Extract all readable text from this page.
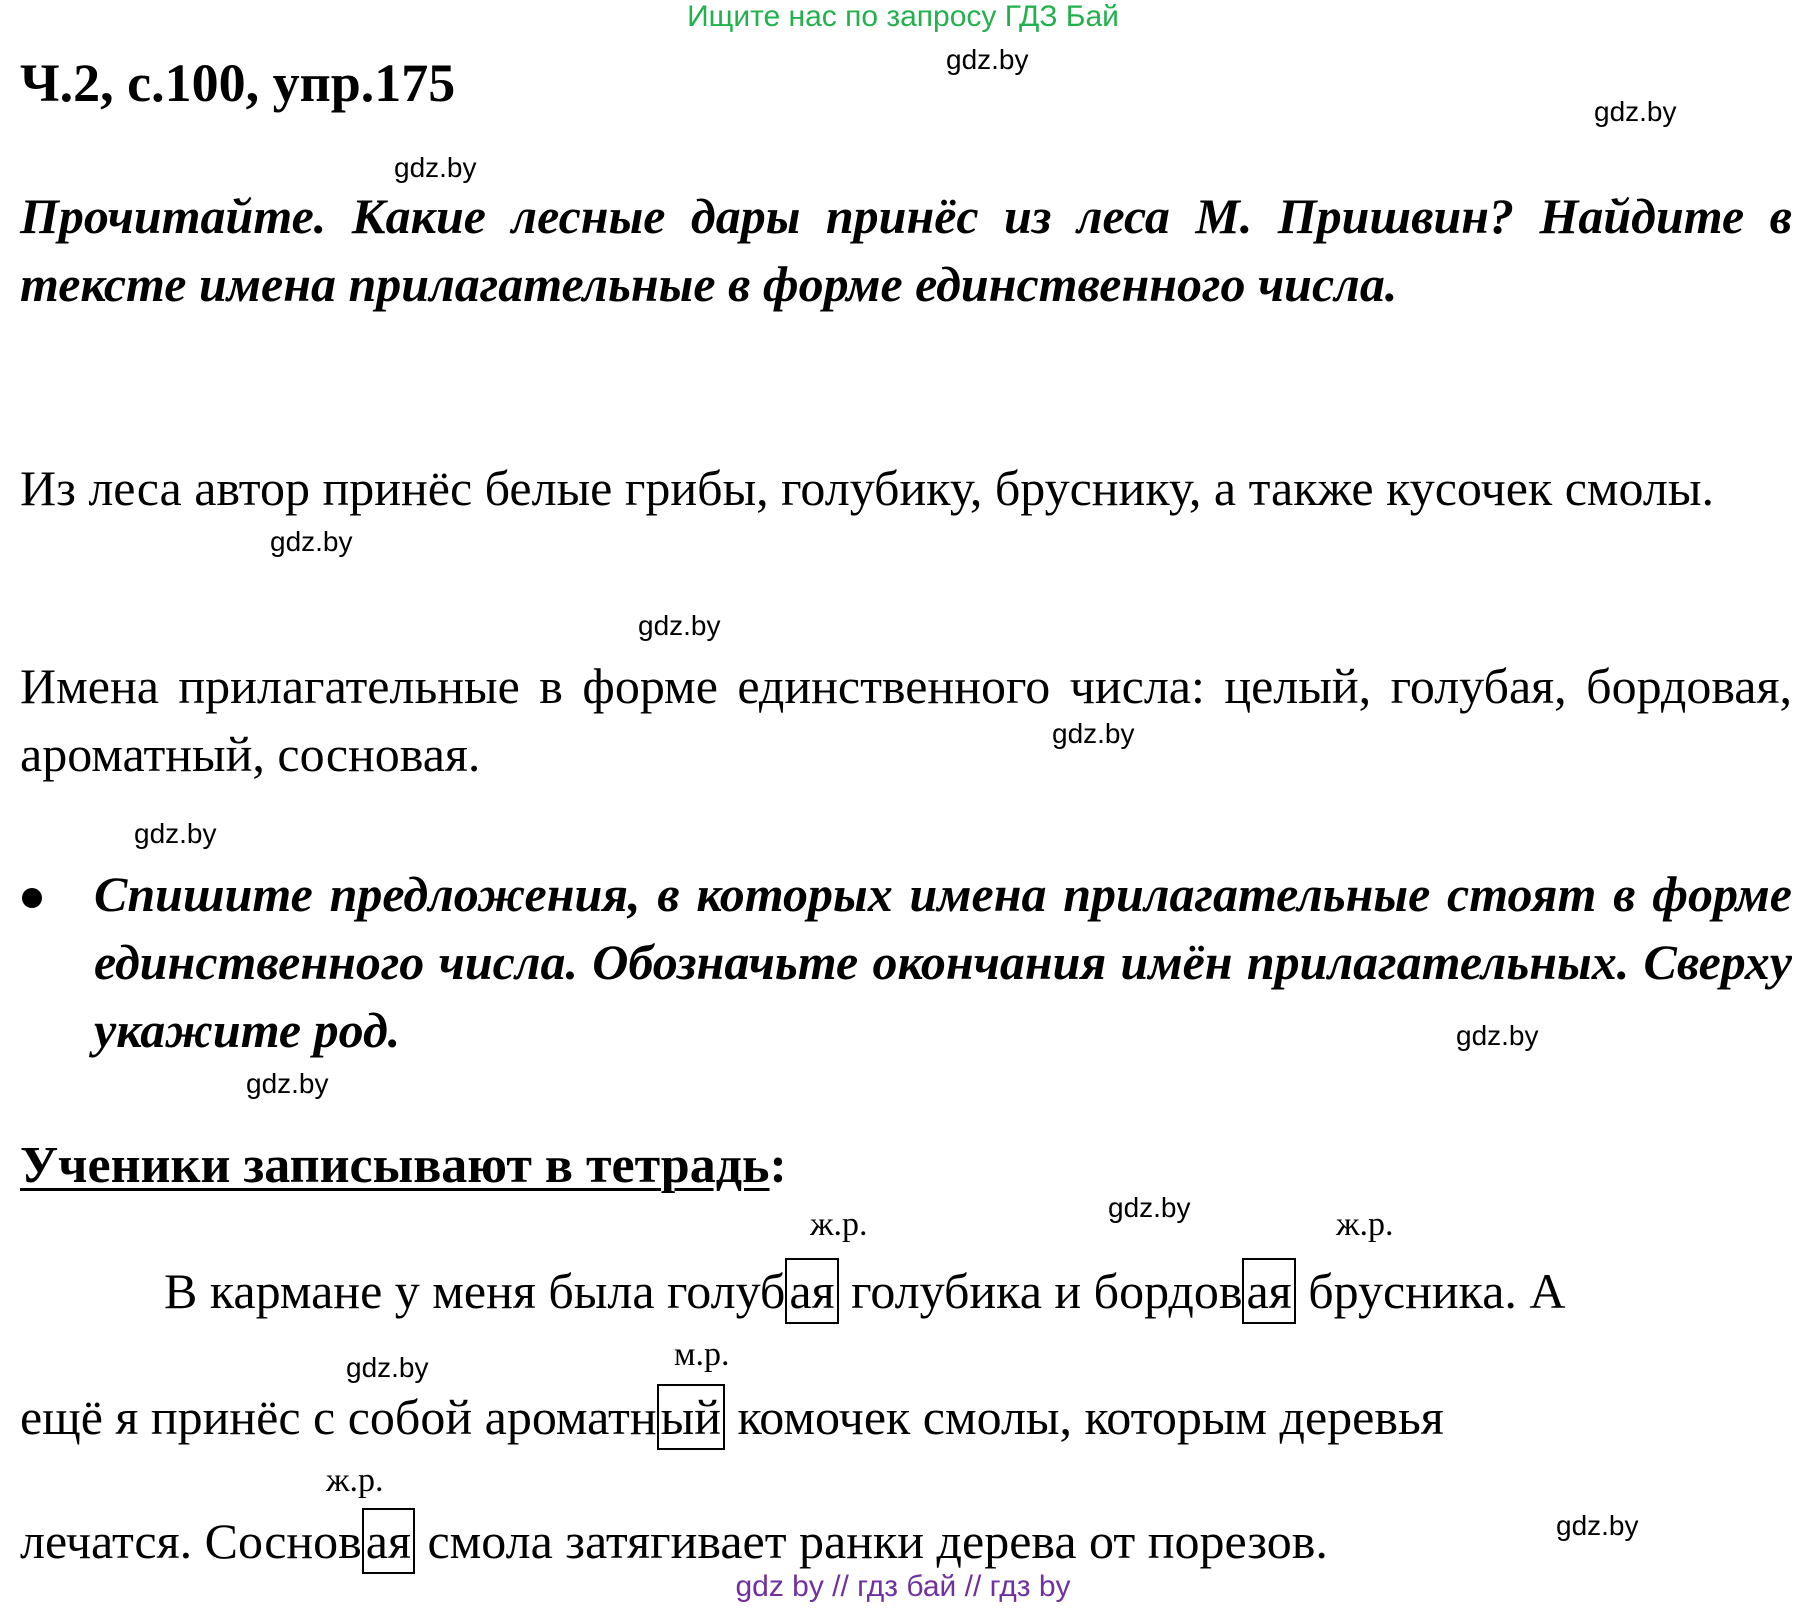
Ищите нас по запросу ГДЗ Бай
Ч.2, с.100, упр.175	gdz.by
gdz.by
gdz.by
gdz.by
gdz.by
gdz.by
gdz.by
gdz.by
gdz.by
gdz.by
gdz.by
gdz.by
Прочитайте. Какие лесные дары принёс из леса М. Пришвин? Найдите в тексте имена прилагательные в форме единственного числа.
Из леса автор принёс белые грибы, голубику, бруснику, а также кусочек смолы.
Имена прилагательные в форме единственного числа: целый, голубая, бордовая, ароматный, сосновая.
Спишите предложения, в которых имена прилагательные стоят в форме единственного числа. Обозначьте окончания имён прилагательных. Сверху укажите род.
Ученики записывают в тетрадь:
ж.р.	ж.р.
м.р.
ж.р.
В кармане у меня была голубая голубика и бордовая брусника. А
ещё я принёс с собой ароматный комочек смолы, которым деревья
лечатся. Сосновая смола затягивает ранки дерева от порезов.
gdz by // гдз бай // гдз by
